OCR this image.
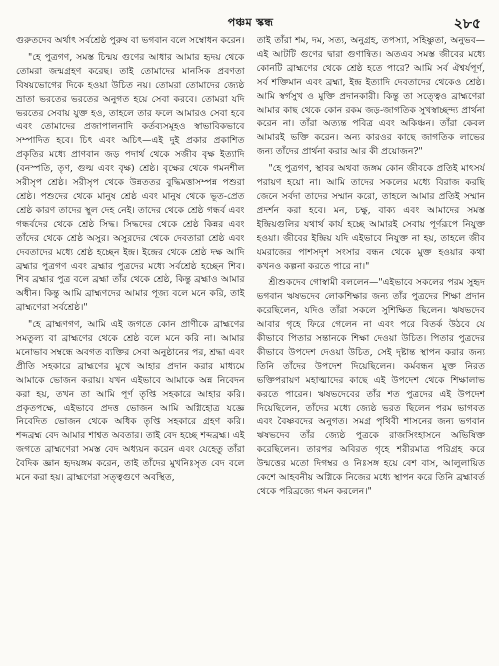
পঞ্চম স্কন্ধ	২৮৫

গুরুতদেব অর্থাৎ সর্বশ্রেষ্ঠ পুরুষ বা ভগবান বলে সম্বোধন করেন।

"হে পুত্রগণ, সমস্ত চিন্ময় গুণের আধার আমার হৃদয় থেকে তোমরা জন্মগ্রহণ করেছ। তাই তোমাদের মানসিক প্রবণতা বিষয়ভোগের দিকে হওয়া উচিত নয়। তোমরা তোমাদের জ্যেষ্ঠ ভ্রাতা ভরতের ভরতের অনুগত হয়ে সেবা করবে। তোমরা যদি ভরতের সেবায় যুক্ত হও, তাহলে তার ফলে আমারও সেবা হবে এবং তোমাদের প্রজাপালনাদি কর্তব্যসমূহও স্বাভাবিকভাবে সম্পাদিত হবে। চিৎ এবং অচিৎ—এই দুই প্রকার প্রকাশিত প্রকৃতির মধ্যে প্রাণবান জড় পদার্থ থেকে সজীব বৃক্ষ ইত্যাদি (বনস্পতি, তৃণ, গুল্ম এবং বৃক্ষ) শ্রেষ্ঠ। বৃক্ষের থেকে গমনশীল সরীসৃপ শ্রেষ্ঠ। সরীসৃপ থেকে উন্নততর বুদ্ধিমত্তাসম্পন্ন পশুরা শ্রেষ্ঠ। পশুদের থেকে মানুষ শ্রেষ্ঠ এবং মানুষ থেকে ভূত-প্রেত শ্রেষ্ঠ কারণ তাদের স্থূল দেহ নেই। তাদের থেকে শ্রেষ্ঠ গন্ধর্ব এবং গন্ধর্বদের থেকে শ্রেষ্ঠ সিদ্ধ। সিদ্ধদের থেকে শ্রেষ্ঠ কিন্নর এবং তাঁদের থেকে শ্রেষ্ঠ অসুর। অসুরদের থেকে দেবতারা শ্রেষ্ঠ এবং দেবতাদের মধ্যে শ্রেষ্ঠ হচ্ছেন ইন্দ্র। ইন্দ্রের থেকে শ্রেষ্ঠ দক্ষ আদি ব্রহ্মার পুত্রগণ এবং ব্রহ্মার পুত্রদের মধ্যে সর্বশ্রেষ্ঠ হচ্ছেন শিব। শিব ব্রহ্মার পুত্র বলে ব্রহ্মা তাঁর থেকে শ্রেষ্ঠ, কিন্তু ব্রহ্মাও আমার অধীন। কিন্তু আমি ব্রাহ্মণদের আমার পূজ্য বলে মনে করি, তাই ব্রাহ্মণেরা সর্বশ্রেষ্ঠ।"

"হে ব্রাহ্মণগণ, আমি এই জগতে কোন প্রাণীকে ব্রাহ্মণের সমতুল্য বা ব্রাহ্মণের থেকে শ্রেষ্ঠ বলে মনে করি না। আমার মনোভাব সম্বন্ধে অবগত ব্যক্তির সেবা অনুষ্ঠানের পর, শ্রদ্ধা এবং প্রীতি সহকারে ব্রাহ্মণের মুখে আহার প্রদান করার মাধ্যমে আমাকে ভোজন করায়। যখন এইভাবে আমাকে অন্ন নিবেদন করা হয়, তখন তা আমি পূর্ণ তৃপ্তি সহকারে আহার করি। প্রকৃতপক্ষে, এইভাবে প্রদত্ত ভোজন আমি অগ্নিহোত্র যজ্ঞে নিবেদিত ভোজন থেকে অধিক তৃপ্তি সহকারে গ্রহণ করি। শব্দব্রহ্ম বেদ আমার শাশ্বত অবতার। তাই বেদ হচ্ছে শব্দব্রহ্ম। এই জগতে ব্রাহ্মণেরা সমস্ত বেদ অধ্যয়ন করেন এবং যেহেতু তাঁরা বৈদিক জ্ঞান হৃদয়ঙ্গম করেন, তাই তাঁদের মুখনিঃসৃত বেদ বলে মনে করা হয়। ব্রাহ্মণেরা সত্ত্বগুণে অবস্থিত,

তাই তাঁরা শম, দম, সত্য, অনুগ্রহ, তপস্যা, সহিষ্ণুতা, অনুভব—এই আটটি গুণের দ্বারা গুণান্বিত। অতএব সমস্ত জীবের মধ্যে কোনটি ব্রাহ্মণের থেকে শ্রেষ্ঠ হতে পারে? আমি সর্ব ঐশ্বর্যপূর্ণ, সর্ব শক্তিমান এবং ব্রহ্মা, ইন্দ্র ইত্যাদি দেবতাদের থেকেও শ্রেষ্ঠ। আমি স্বর্গসুখ ও মুক্তি প্রদানকারী। কিন্তু তা সত্ত্বেও ব্রাহ্মণেরা আমার কাছ থেকে কোন রকম জড়-জাগতিক সুখস্বাচ্ছন্দ্য প্রার্থনা করেন না। তাঁরা অত্যন্ত পবিত্র এবং অকিঞ্চন। তাঁরা কেবল আমারই ভক্তি করেন। অন্য কারওর কাছে জাগতিক লাভের জন্য তাঁদের প্রার্থনা করার আর কী প্রয়োজন?"

"হে পুত্রগণ, স্থাবর অথবা জঙ্গম কোন জীবকে প্রতিই মাৎসর্য পরায়ণ হয়ো না। আমি তাদের সকলের মধ্যে বিরাজ করছি জেনে সর্বদা তাদের সম্মান করো, তাহলে আমার প্রতিই সম্মান প্রদর্শন করা হবে। মন, চক্ষু, বাক্য এবং আমাদের সমস্ত ইন্দ্রিয়গুলির যথার্থ কার্য হচ্ছে আমারই সেবায় পূর্ণরূপে নিযুক্ত হওয়া। জীবের ইন্দ্রিয় যদি এইভাবে নিযুক্ত না হয়, তাহলে জীব যমরাজের পাশসদৃশ সংসার বন্ধন থেকে মুক্ত হওয়ার কথা কখনও কল্পনা করতে পারে না।"

শ্রীশুকদেব গোস্বামী বললেন—"এইভাবে সকলের পরম সুহৃদ ভগবান ঋষভদেব লোকশিক্ষার জন্য তাঁর পুত্রদের শিক্ষা প্রদান করেছিলেন, যদিও তাঁরা সকলে সুশিক্ষিত ছিলেন। ঋষভদেব আবার গৃহে ফিরে গেলেন না এবং পরে বিতর্ক উঠবে যে কীভাবে পিতার সন্তানকে শিক্ষা দেওয়া উচিত। পিতার পুত্রদের কীভাবে উপদেশ দেওয়া উচিত, সেই দৃষ্টান্ত স্থাপন করার জন্য তিনি তাঁদের উপদেশ দিয়েছিলেন। কর্মবন্ধন মুক্ত নিরত ভক্তিপরায়ণ মহাত্মাদের কাছে এই উপদেশ থেকে শিক্ষালাভ করতে পারেন। ঋষভদেবের তাঁর শত পুত্রদের এই উপদেশ দিয়েছিলেন, তাঁদের মধ্যে জ্যেষ্ঠ ভরত ছিলেন পরম ভাগবত এবং বৈষ্ণবদের অনুগত। সমগ্র পৃথিবী শাসনের জন্য ভগবান ঋষভদেব তাঁর জ্যেষ্ঠ পুত্রকে রাজসিংহাসনে অভিষিক্ত করেছিলেন। তারপর অবিরত গৃহে শরীরমাত্র পরিগ্রহ করে উন্মত্তের মতো দিগম্বর ও নিঃসঙ্গ হয়ে বেশ বাস, আলুলায়িত কেশে আহবনীয় অগ্নিকে নিজের মধ্যে স্থাপন করে তিনি ব্রহ্মাবর্ত থেকে পরিব্রজ্যে গমন করলেন।"
